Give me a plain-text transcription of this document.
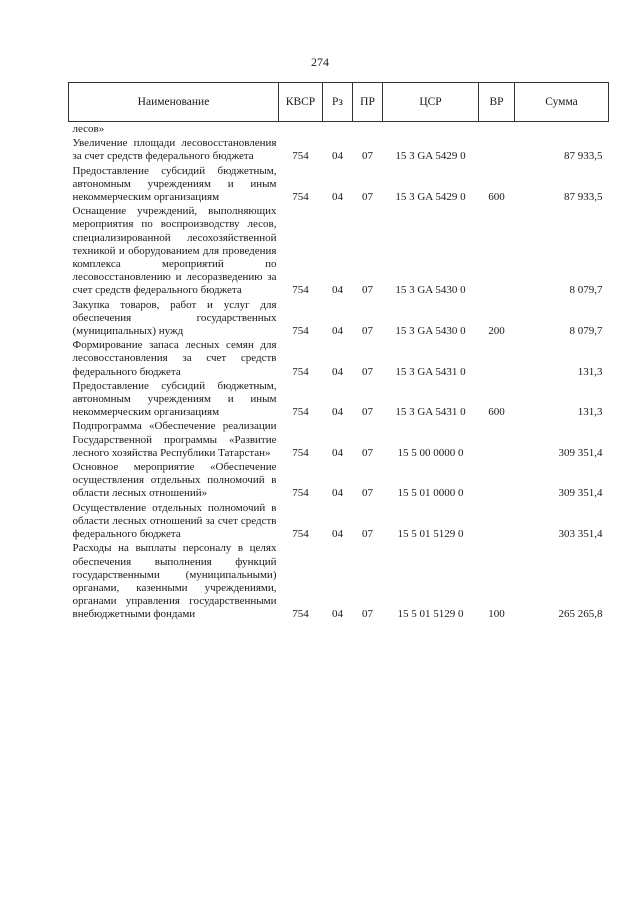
274
Наименование	КВСР	Рз	ПР	ЦСР	ВР	Сумма
лесов»						
Увеличение площади лесовосстановления за счет средств федерального бюджета	754	04	07	15 3 GA 5429 0		87 933,5
Предоставление субсидий бюджетным, автономным учреждениям и иным некоммерческим организациям	754	04	07	15 3 GA 5429 0	600	87 933,5
Оснащение учреждений, выполняющих мероприятия по воспроизводству лесов, специализированной лесохозяйственной техникой и оборудованием для проведения комплекса мероприятий по лесовосстановлению и лесоразведению за счет средств федерального бюджета	754	04	07	15 3 GA 5430 0		8 079,7
Закупка товаров, работ и услуг для обеспечения государственных (муниципальных) нужд	754	04	07	15 3 GA 5430 0	200	8 079,7
Формирование запаса лесных семян для лесовосстановления за счет средств федерального бюджета	754	04	07	15 3 GA 5431 0		131,3
Предоставление субсидий бюджетным, автономным учреждениям и иным некоммерческим организациям	754	04	07	15 3 GA 5431 0	600	131,3
Подпрограмма «Обеспечение реализации Государственной программы «Развитие лесного хозяйства Республики Татарстан»	754	04	07	15 5 00 0000 0		309 351,4
Основное мероприятие «Обеспечение осуществления отдельных полномочий в области лесных отношений»	754	04	07	15 5 01 0000 0		309 351,4
Осуществление отдельных полномочий в области лесных отношений за счет средств федерального бюджета	754	04	07	15 5 01 5129 0		303 351,4
Расходы на выплаты персоналу в целях обеспечения выполнения функций государственными (муниципальными) органами, казенными учреждениями, органами управления государственными внебюджетными фондами	754	04	07	15 5 01 5129 0	100	265 265,8
